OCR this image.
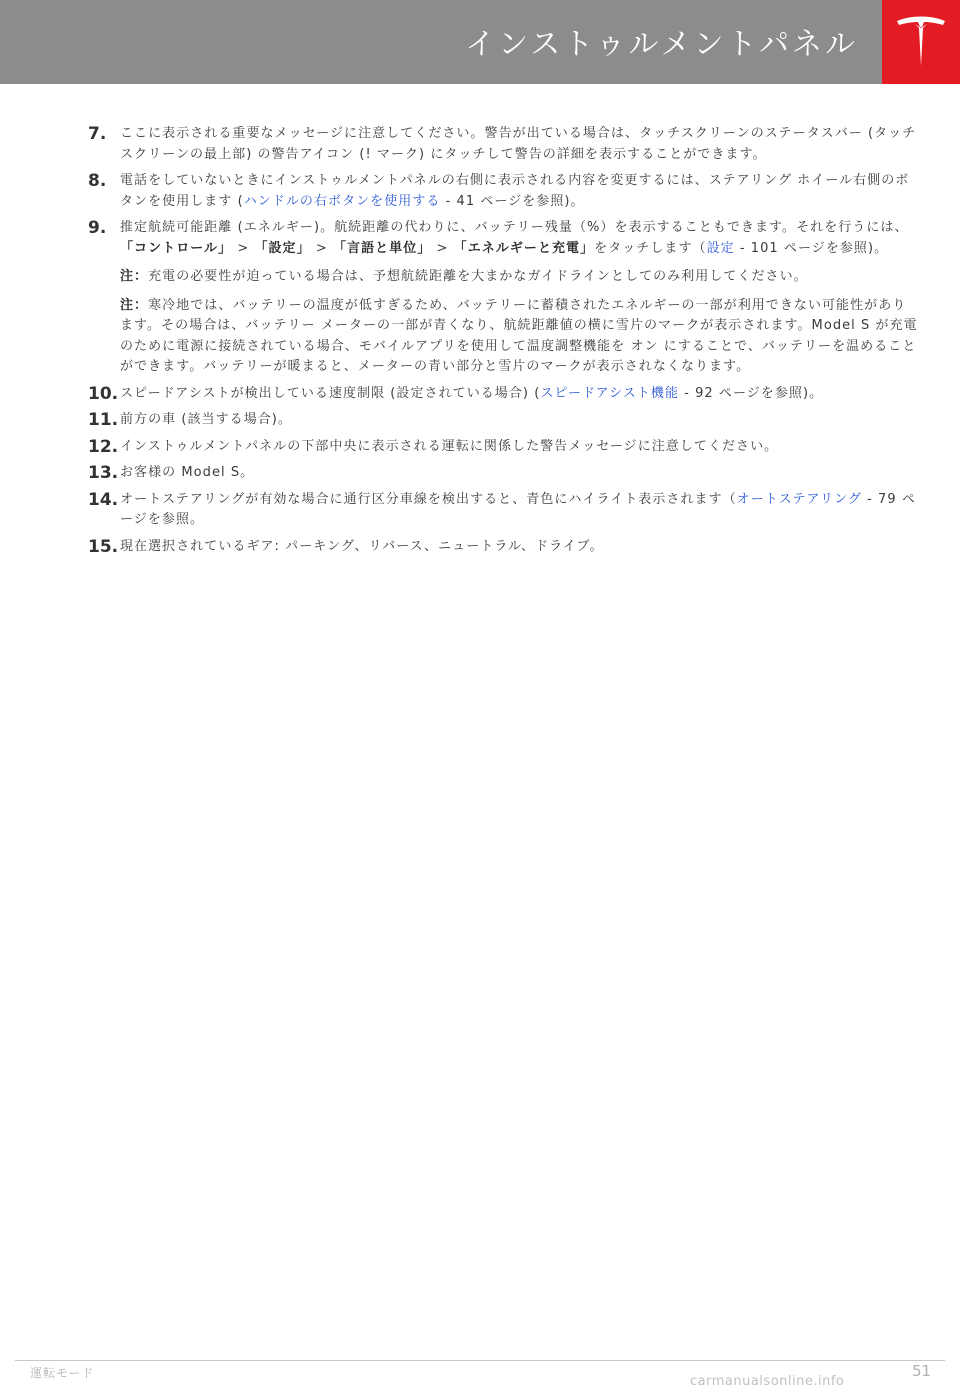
インストゥルメントパネル
7. ここに表示される重要なメッセージに注意してください。警告が出ている場合は、タッチスクリーンのステータスバー (タッチスクリーンの最上部) の警告アイコン (! マーク) にタッチして警告の詳細を表示することができます。
8. 電話をしていないときにインストゥルメントパネルの右側に表示される内容を変更するには、ステアリング ホイール右側のボタンを使用します (ハンドルの右ボタンを使用する - 41 ページを参照)。
9. 推定航続可能距離 (エネルギー)。航続距離の代わりに、バッテリー残量（%）を表示することもできます。それを行うには、「コントロール」 > 「設定」 > 「言語と単位」 > 「エネルギーと充電」をタッチします（設定 - 101 ページを参照)。

注：充電の必要性が迫っている場合は、予想航続距離を大まかなガイドラインとしてのみ利用してください。

注：寒冷地では、バッテリーの温度が低すぎるため、バッテリーに蓄積されたエネルギーの一部が利用できない可能性があります。その場合は、バッテリー メーターの一部が青くなり、航続距離値の横に雪片のマークが表示されます。Model S が充電のために電源に接続されている場合、モバイルアプリを使用して温度調整機能を オン にすることで、バッテリーを温めることができます。バッテリーが暖まると、メーターの青い部分と雪片のマークが表示されなくなります。

10. スピードアシストが検出している速度制限 (設定されている場合) (スピードアシスト機能 - 92 ページを参照)。
11. 前方の車 (該当する場合)。
12. インストゥルメントパネルの下部中央に表示される運転に関係した警告メッセージに注意してください。
13. お客様の Model S。
14. オートステアリングが有効な場合に通行区分車線を検出すると、青色にハイライト表示されます（オートステアリング - 79 ページを参照。
15. 現在選択されているギア: パーキング、リバース、ニュートラル、ドライブ。
運転モード	51
carmanualsonline.info
